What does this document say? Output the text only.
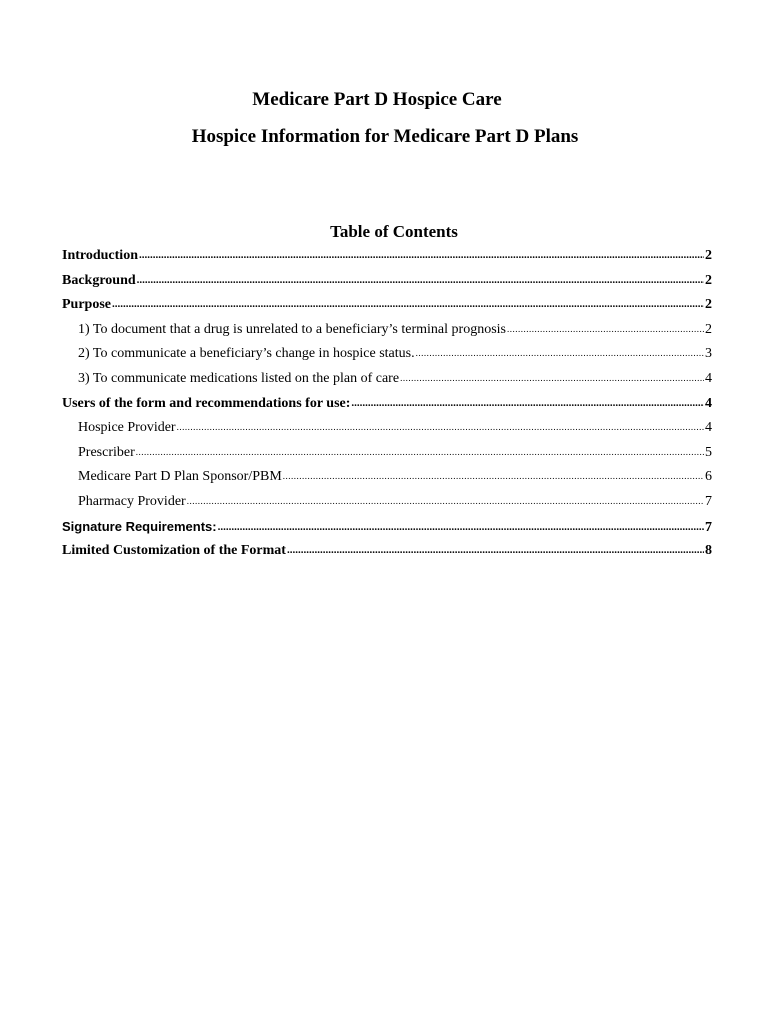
Medicare Part D Hospice Care
Hospice Information for Medicare Part D Plans
Table of Contents
Introduction .....	2
Background .....	2
Purpose .....	2
1) To document that a drug is unrelated to a beneficiary’s terminal prognosis .....	2
2) To communicate a beneficiary’s change in hospice status. .....	3
3) To communicate medications listed on the plan of care .....	4
Users of the form and recommendations for use: .....	4
Hospice Provider .....	4
Prescriber .....	5
Medicare Part D Plan Sponsor/PBM .....	6
Pharmacy Provider .....	7
Signature Requirements: .....	7
Limited Customization of the Format .....	8
